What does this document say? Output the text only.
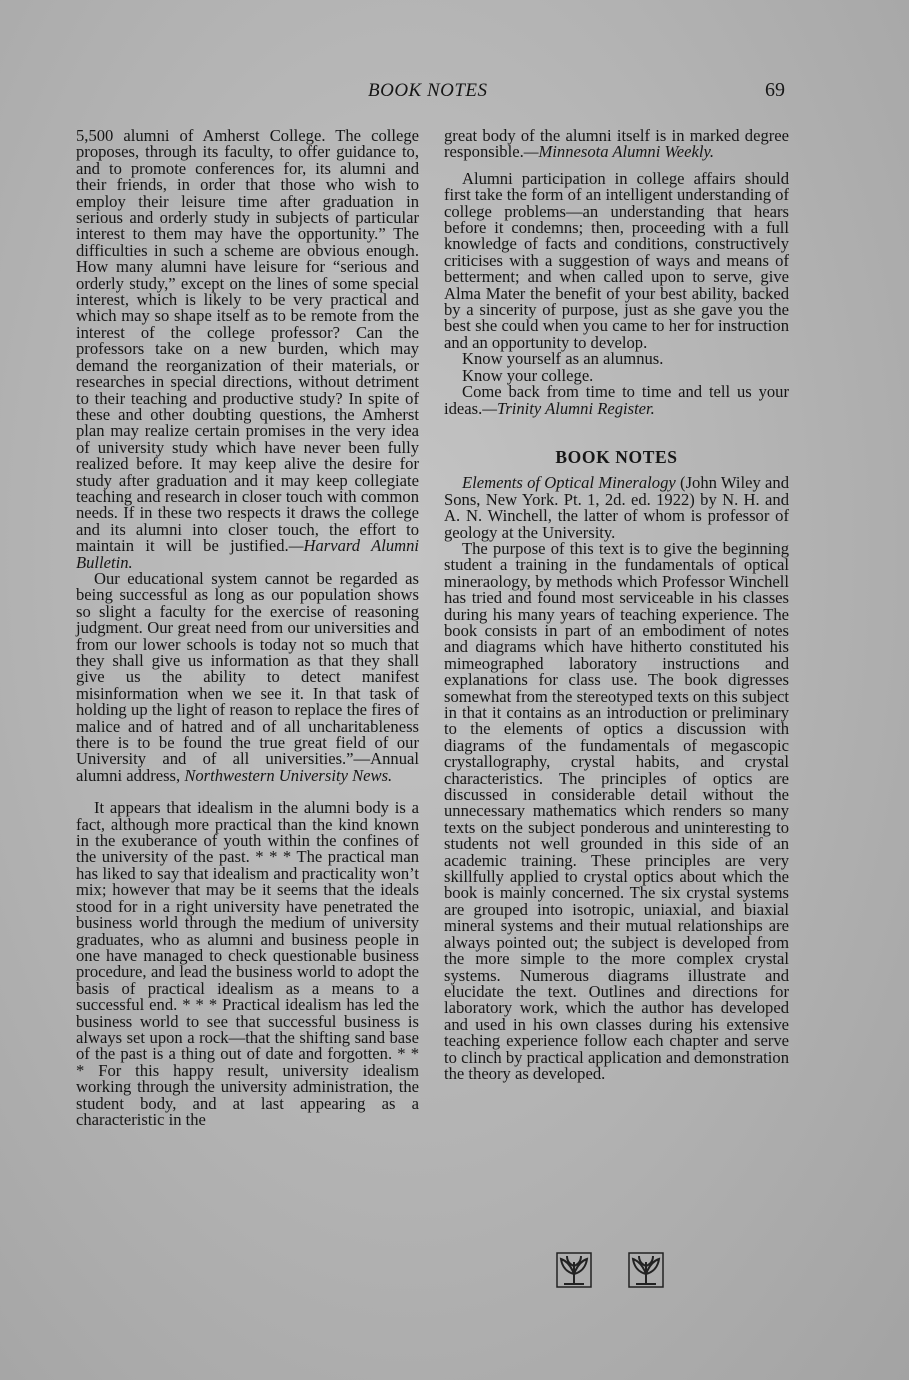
BOOK NOTES	69

5,500 alumni of Amherst College. The college proposes, through its faculty, to offer guidance to, and to promote conferences for, its alumni and their friends, in order that those who wish to employ their leisure time after graduation in serious and orderly study in subjects of particular interest to them may have the opportunity.” The difficulties in such a scheme are obvious enough. How many alumni have leisure for “serious and orderly study,” except on the lines of some special interest, which is likely to be very practical and which may so shape itself as to be remote from the interest of the college professor? Can the professors take on a new burden, which may demand the reorganization of their materials, or researches in special directions, without detriment to their teaching and productive study? In spite of these and other doubting questions, the Amherst plan may realize certain promises in the very idea of university study which have never been fully realized before. It may keep alive the desire for study after graduation and it may keep collegiate teaching and research in closer touch with common needs. If in these two respects it draws the college and its alumni into closer touch, the effort to maintain it will be justified.—Harvard Alumni Bulletin.

Our educational system cannot be regarded as being successful as long as our population shows so slight a faculty for the exercise of reasoning judgment. Our great need from our universities and from our lower schools is today not so much that they shall give us information as that they shall give us the ability to detect manifest misinformation when we see it. In that task of holding up the light of reason to replace the fires of malice and of hatred and of all uncharitableness there is to be found the true great field of our University and of all universities.”—Annual alumni address, Northwestern University News.

It appears that idealism in the alumni body is a fact, although more practical than the kind known in the exuberance of youth within the confines of the university of the past. * * * The practical man has liked to say that idealism and practicality won’t mix; however that may be it seems that the ideals stood for in a right university have penetrated the business world through the medium of university graduates, who as alumni and business people in one have managed to check questionable business procedure, and lead the business world to adopt the basis of practical idealism as a means to a successful end. * * * Practical idealism has led the business world to see that successful business is always set upon a rock—that the shifting sand base of the past is a thing out of date and forgotten. * * * For this happy result, university idealism working through the university administration, the student body, and at last appearing as a characteristic in the

great body of the alumni itself is in marked degree responsible.—Minnesota Alumni Weekly.

Alumni participation in college affairs should first take the form of an intelligent understanding of college problems—an understanding that hears before it condemns; then, proceeding with a full knowledge of facts and conditions, constructively criticises with a suggestion of ways and means of betterment; and when called upon to serve, give Alma Mater the benefit of your best ability, backed by a sincerity of purpose, just as she gave you the best she could when you came to her for instruction and an opportunity to develop.

Know yourself as an alumnus.

Know your college.

Come back from time to time and tell us your ideas.—Trinity Alumni Register.

BOOK NOTES

Elements of Optical Mineralogy (John Wiley and Sons, New York. Pt. 1, 2d. ed. 1922) by N. H. and A. N. Winchell, the latter of whom is professor of geology at the University.

The purpose of this text is to give the beginning student a training in the fundamentals of optical mineraology, by methods which Professor Winchell has tried and found most serviceable in his classes during his many years of teaching experience. The book consists in part of an embodiment of notes and diagrams which have hitherto constituted his mimeographed laboratory instructions and explanations for class use. The book digresses somewhat from the stereotyped texts on this subject in that it contains as an introduction or preliminary to the elements of optics a discussion with diagrams of the fundamentals of megascopic crystallography, crystal habits, and crystal characteristics. The principles of optics are discussed in considerable detail without the unnecessary mathematics which renders so many texts on the subject ponderous and uninteresting to students not well grounded in this side of an academic training. These principles are very skillfully applied to crystal optics about which the book is mainly concerned. The six crystal systems are grouped into isotropic, uniaxial, and biaxial mineral systems and their mutual relationships are always pointed out; the subject is developed from the more simple to the more complex crystal systems. Numerous diagrams illustrate and elucidate the text. Outlines and directions for laboratory work, which the author has developed and used in his own classes during his extensive teaching experience follow each chapter and serve to clinch by practical application and demonstration the theory as developed.
